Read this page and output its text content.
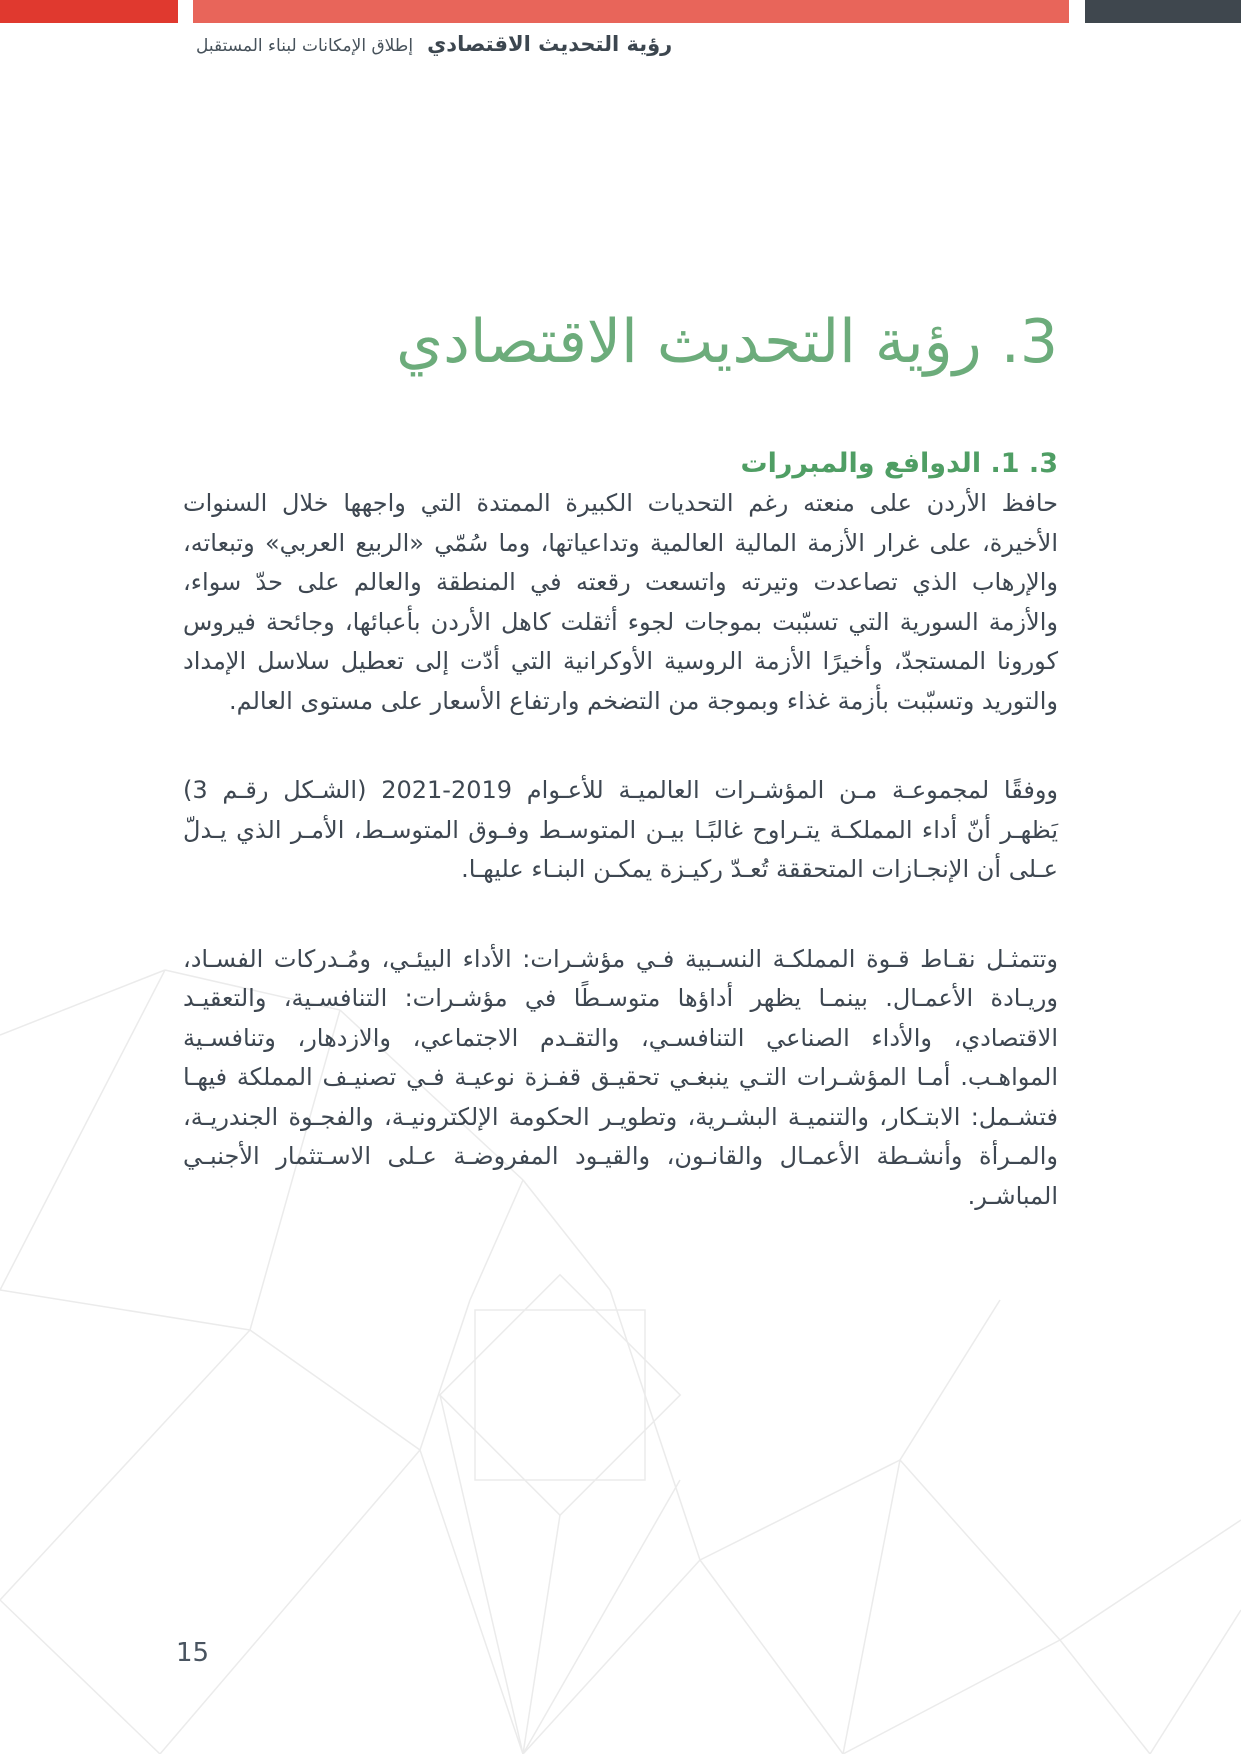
رؤية التحديث الاقتصادي
إطلاق الإمكانات لبناء المستقبل
3. رؤية التحديث الاقتصادي
3. 1. الدوافع والمبررات

حافظ الأردن على منعته رغم التحديات الكبيرة الممتدة التي واجهها خلال السنوات الأخيرة، على غرار الأزمة المالية العالمية وتداعياتها، وما سُمّي «الربيع العربي» وتبعاته، والإرهاب الذي تصاعدت وتيرته واتسعت رقعته في المنطقة والعالم على حدّ سواء، والأزمة السورية التي تسبّبت بموجات لجوء أثقلت كاهل الأردن بأعبائها، وجائحة فيروس كورونا المستجدّ، وأخيرًا الأزمة الروسية الأوكرانية التي أدّت إلى تعطيل سلاسل الإمداد والتوريد وتسبّبت بأزمة غذاء وبموجة من التضخم وارتفاع الأسعار على مستوى العالم.

ووفقًا لمجموعـة مـن المؤشـرات العالميـة للأعـوام 2019-2021 (الشـكل رقـم 3) يَظهـر أنّ أداء المملكـة يتـراوح غالبًـا بيـن المتوسـط وفـوق المتوسـط، الأمـر الذي يـدلّ عـلى أن الإنجـازات المتحققة تُعـدّ ركيـزة يمكـن البنـاء عليهـا.

وتتمثـل نقـاط قـوة المملكـة النسـبية فـي مؤشـرات: الأداء البيئـي، ومُـدركات الفسـاد، وريـادة الأعمـال. بينمـا يظهر أداؤها متوسـطًا في مؤشـرات: التنافسـية، والتعقيـد الاقتصادي، والأداء الصناعي التنافسـي، والتقـدم الاجتماعي، والازدهار، وتنافسـية المواهـب. أمـا المؤشـرات التـي ينبغـي تحقيـق قفـزة نوعيـة فـي تصنيـف المملكة فيهـا فتشـمل: الابتـكار، والتنميـة البشـرية، وتطويـر الحكومة الإلكترونيـة، والفجـوة الجندريـة، والمـرأة وأنشـطة الأعمـال والقانـون، والقيـود المفروضـة عـلى الاسـتثمار الأجنبـي المباشـر.

15
